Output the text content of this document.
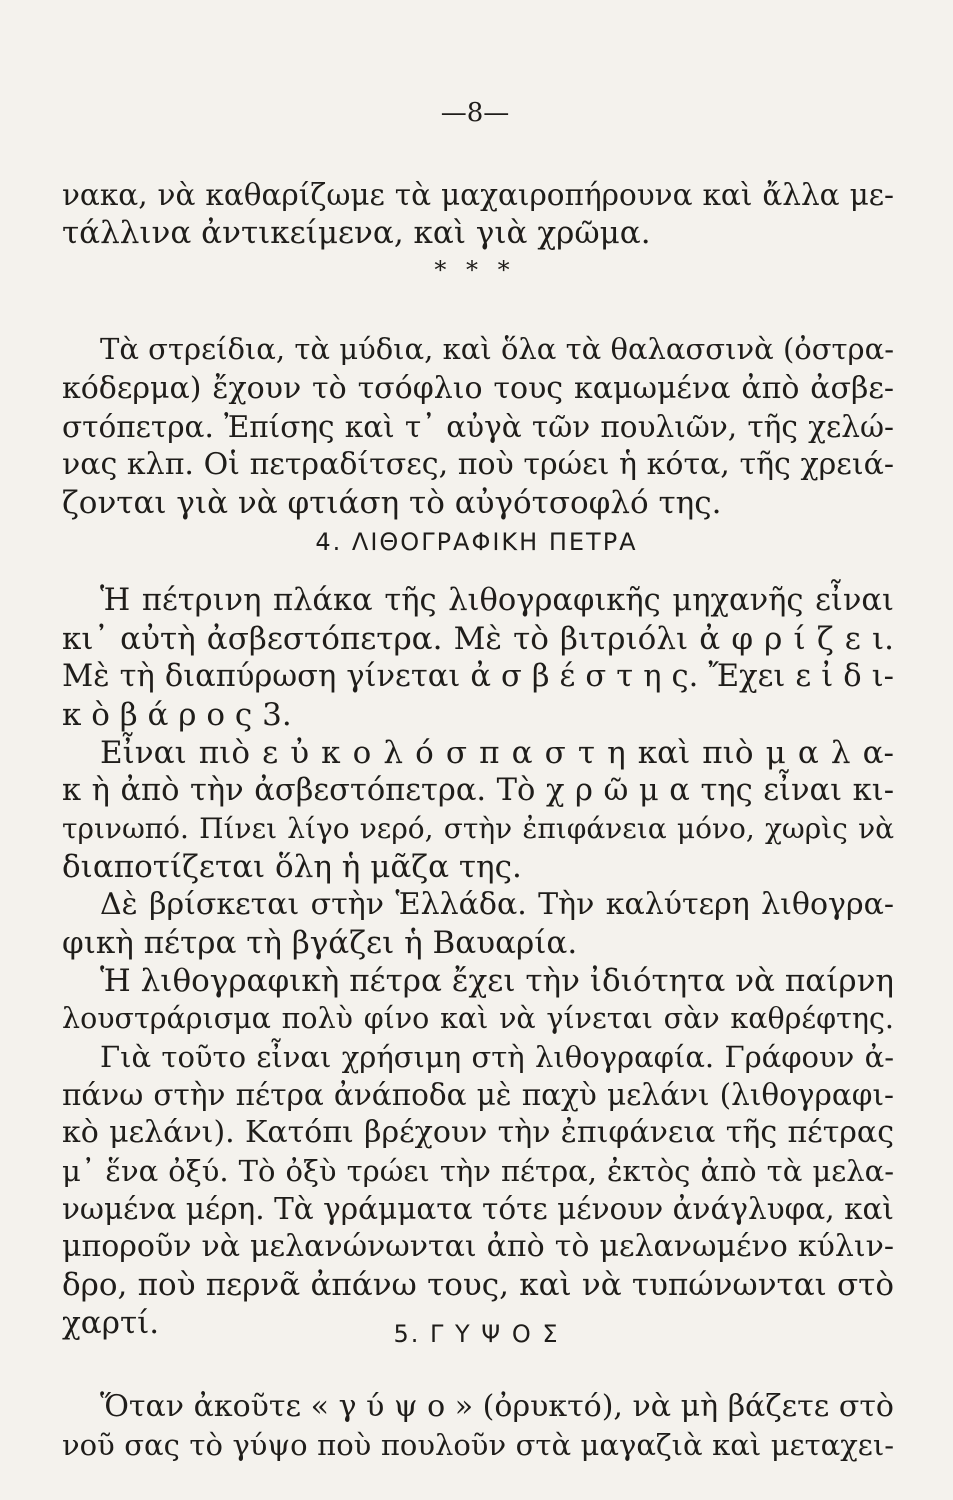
—8—
νακα, νὰ καθαρίζωμε τὰ μαχαιροπήρουνα καὶ ἄλλα με-
τάλλινα ἀντικείμενα, καὶ γιὰ χρῶμα.
* * *
Τὰ στρείδια, τὰ μύδια, καὶ ὅλα τὰ θαλασσινὰ (ὀστρα-
κόδερμα) ἔχουν τὸ τσόφλιο τους καμωμένα ἀπὸ ἀσβε-
στόπετρα. Ἐπίσης καὶ τ᾿ αὐγὰ τῶν πουλιῶν, τῆς χελώ-
νας κλπ. Οἱ πετραδίτσες, ποὺ τρώει ἡ κότα, τῆς χρειά-
ζονται γιὰ νὰ φτιάση τὸ αὐγότσοφλό της.
4. ΛΙΘΟΓΡΑΦΙΚΗ ΠΕΤΡΑ
Ἡ πέτρινη πλάκα τῆς λιθογραφικῆς μηχανῆς εἶναι
κι᾿ αὐτὴ ἀσβεστόπετρα. Μὲ τὸ βιτριόλι ἀ φ ρ ί ζ ε ι.
Μὲ τὴ διαπύρωση γίνεται ἀ σ β έ σ τ η ς. Ἔχει ε ἰ δ ι-
κ ὸ β ά ρ ο ς 3.
Εἶναι πιὸ ε ὐ κ ο λ ό σ π α σ τ η καὶ πιὸ μ α λ α-
κ ὴ ἀπὸ τὴν ἀσβεστόπετρα. Τὸ χ ρ ῶ μ α της εἶναι κι-
τρινωπό. Πίνει λίγο νερό, στὴν ἐπιφάνεια μόνο, χωρὶς νὰ
διαποτίζεται ὅλη ἡ μᾶζα της.
Δὲ βρίσκεται στὴν Ἑλλάδα. Τὴν καλύτερη λιθογρα-
φικὴ πέτρα τὴ βγάζει ἡ Βαυαρία.
Ἡ λιθογραφικὴ πέτρα ἔχει τὴν ἰδιότητα νὰ παίρνη
λουστράρισμα πολὺ φίνο καὶ νὰ γίνεται σὰν καθρέφτης.
Γιὰ τοῦτο εἶναι χρήσιμη στὴ λιθογραφία. Γράφουν ἀ-
πάνω στὴν πέτρα ἀνάποδα μὲ παχὺ μελάνι (λιθογραφι-
κὸ μελάνι). Κατόπι βρέχουν τὴν ἐπιφάνεια τῆς πέτρας
μ᾿ ἕνα ὀξύ. Τὸ ὀξὺ τρώει τὴν πέτρα, ἐκτὸς ἀπὸ τὰ μελα-
νωμένα μέρη. Τὰ γράμματα τότε μένουν ἀνάγλυφα, καὶ
μποροῦν νὰ μελανώνωνται ἀπὸ τὸ μελανωμένο κύλιν-
δρο, ποὺ περνᾶ ἀπάνω τους, καὶ νὰ τυπώνωνται στὸ
χαρτί.	5. Γ Υ Ψ Ο Σ
Ὅταν ἀκοῦτε « γ ύ ψ ο » (ὀρυκτό), νὰ μὴ βάζετε στὸ
νοῦ σας τὸ γύψο ποὺ πουλοῦν στὰ μαγαζιὰ καὶ μεταχει-
